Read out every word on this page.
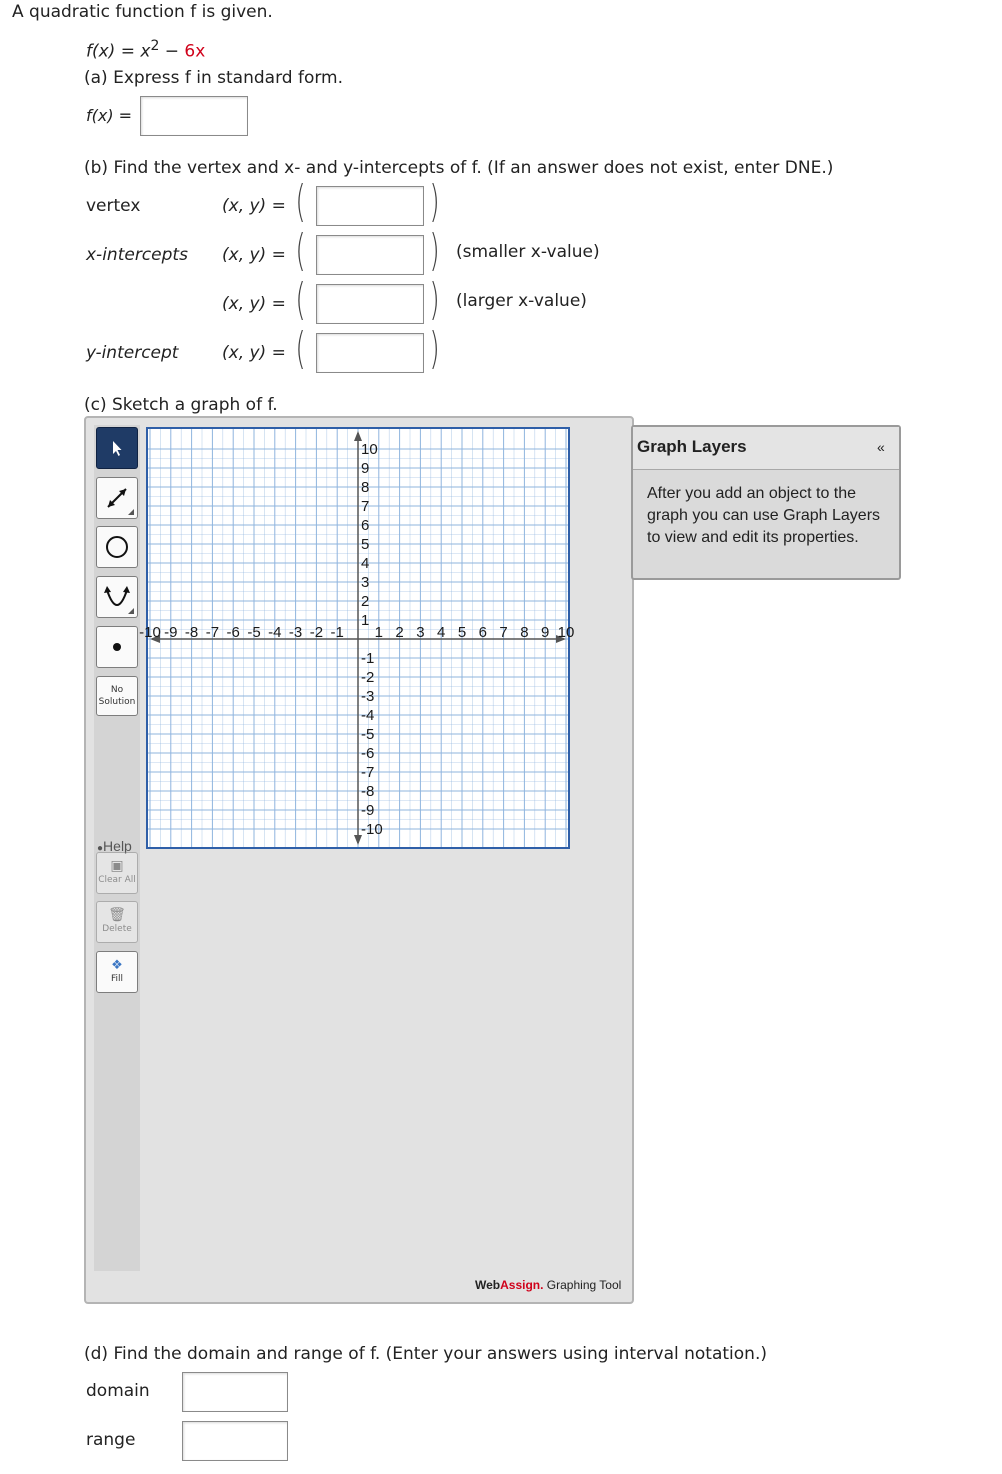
A quadratic function f is given.
$f(x) = x^2 - 6x$
(a) Express f in standard form.
f(x) =
(b) Find the vertex and x- and y-intercepts of f. (If an answer does not exist, enter DNE.)
vertex	(x, y) = (	)
x-intercepts (x, y) = (	) (smaller x-value)
(x, y) = (	) (larger x-value)
y-intercept	(x, y) = (	)
(c) Sketch a graph of f.
No
Solution
●Help
▣
Clear All
🗑
Delete
❖
Fill
-10 -9 -8 -7 -6 -5 -4 -3 -2 -1 1 2 3 4 5 6 7 8 9 10
10
9
8
7
6
5
4
3
2
1
-1
-2
-3
-4
-5
-6
-7
-8
-9
-10
WebAssign. Graphing Tool
Graph Layers	«
After you add an object to the graph you can use Graph Layers to view and edit its properties.
(d) Find the domain and range of f. (Enter your answers using interval notation.)
domain
range
